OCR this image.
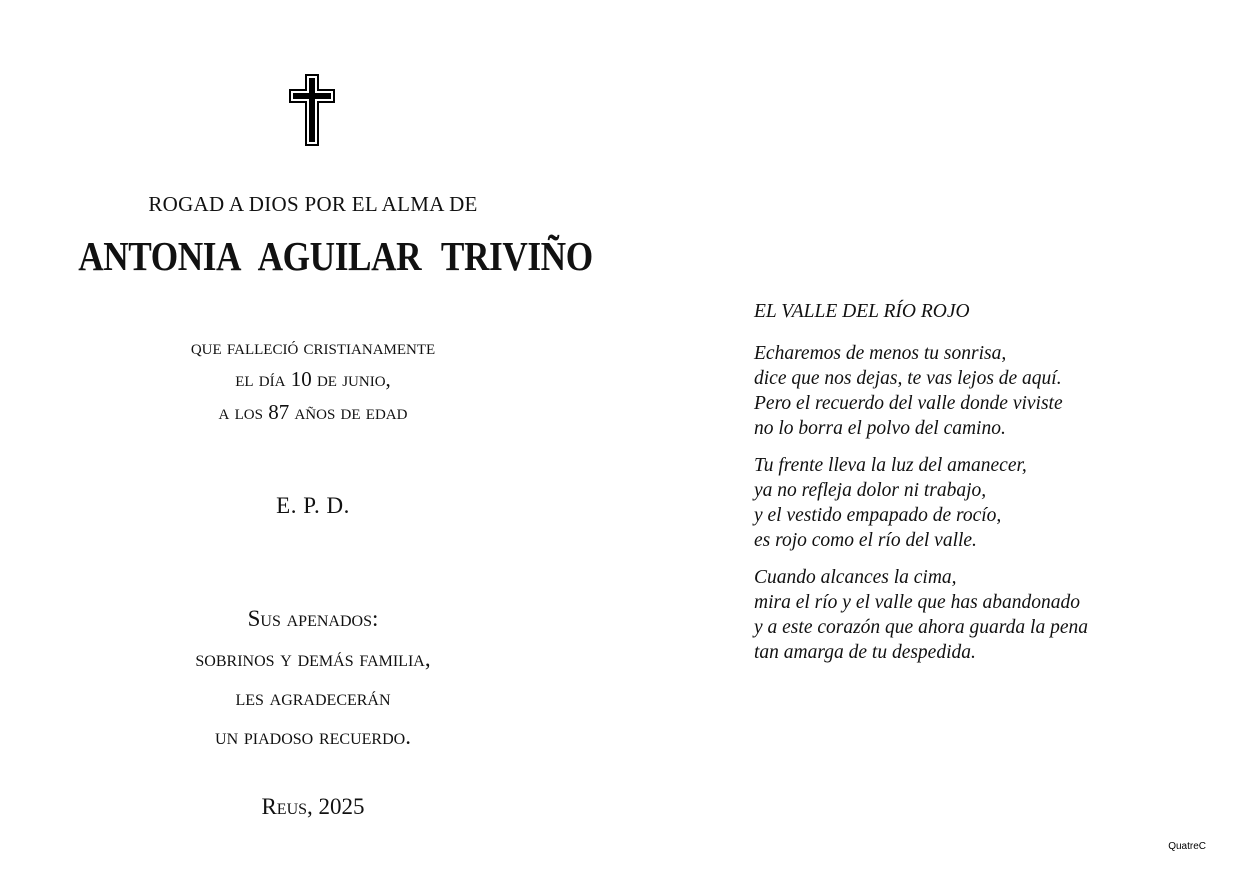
ROGAD A DIOS POR EL ALMA DE
ANTONIA AGUILAR TRIVIÑO
que falleció cristianamente
el día 10 de junio,
a los 87 años de edad
E. P. D.
Sus apenados:
sobrinos y demás familia,
les agradecerán
un piadoso recuerdo.
Reus, 2025
EL VALLE DEL RÍO ROJO
Echaremos de menos tu sonrisa,
dice que nos dejas, te vas lejos de aquí.
Pero el recuerdo del valle donde viviste
no lo borra el polvo del camino.
Tu frente lleva la luz del amanecer,
ya no refleja dolor ni trabajo,
y el vestido empapado de rocío,
es rojo como el río del valle.
Cuando alcances la cima,
mira el río y el valle que has abandonado
y a este corazón que ahora guarda la pena
tan amarga de tu despedida.
QuatreC
